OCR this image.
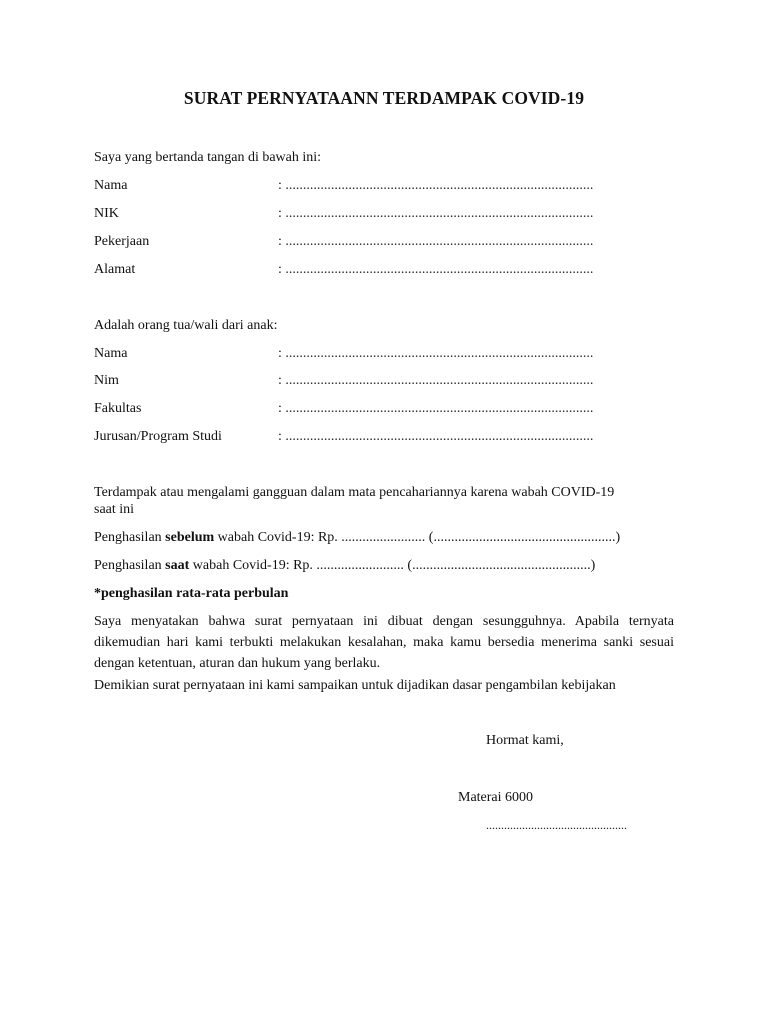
SURAT PERNYATAANN TERDAMPAK COVID-19
Saya yang bertanda tangan di bawah ini:
Nama	: ........................................................................................
NIK	: ........................................................................................
Pekerjaan	: ........................................................................................
Alamat	: ........................................................................................
Adalah orang tua/wali dari anak:
Nama	: ........................................................................................
Nim	: ........................................................................................
Fakultas	: ........................................................................................
Jurusan/Program Studi	: ........................................................................................
Terdampak atau mengalami gangguan dalam mata pencahariannya karena wabah COVID-19
saat ini
Penghasilan sebelum wabah Covid-19: Rp. ........................ (....................................................)
Penghasilan saat wabah Covid-19: Rp. ......................... (...................................................)
*penghasilan rata-rata perbulan
Saya menyatakan bahwa surat pernyataan ini dibuat dengan sesungguhnya. Apabila ternyata dikemudian hari kami terbukti melakukan kesalahan, maka kamu bersedia menerima sanki sesuai dengan ketentuan, aturan dan hukum yang berlaku.
Demikian surat pernyataan ini kami sampaikan untuk dijadikan dasar pengambilan kebijakan
Hormat kami,
Materai 6000
...............................................
